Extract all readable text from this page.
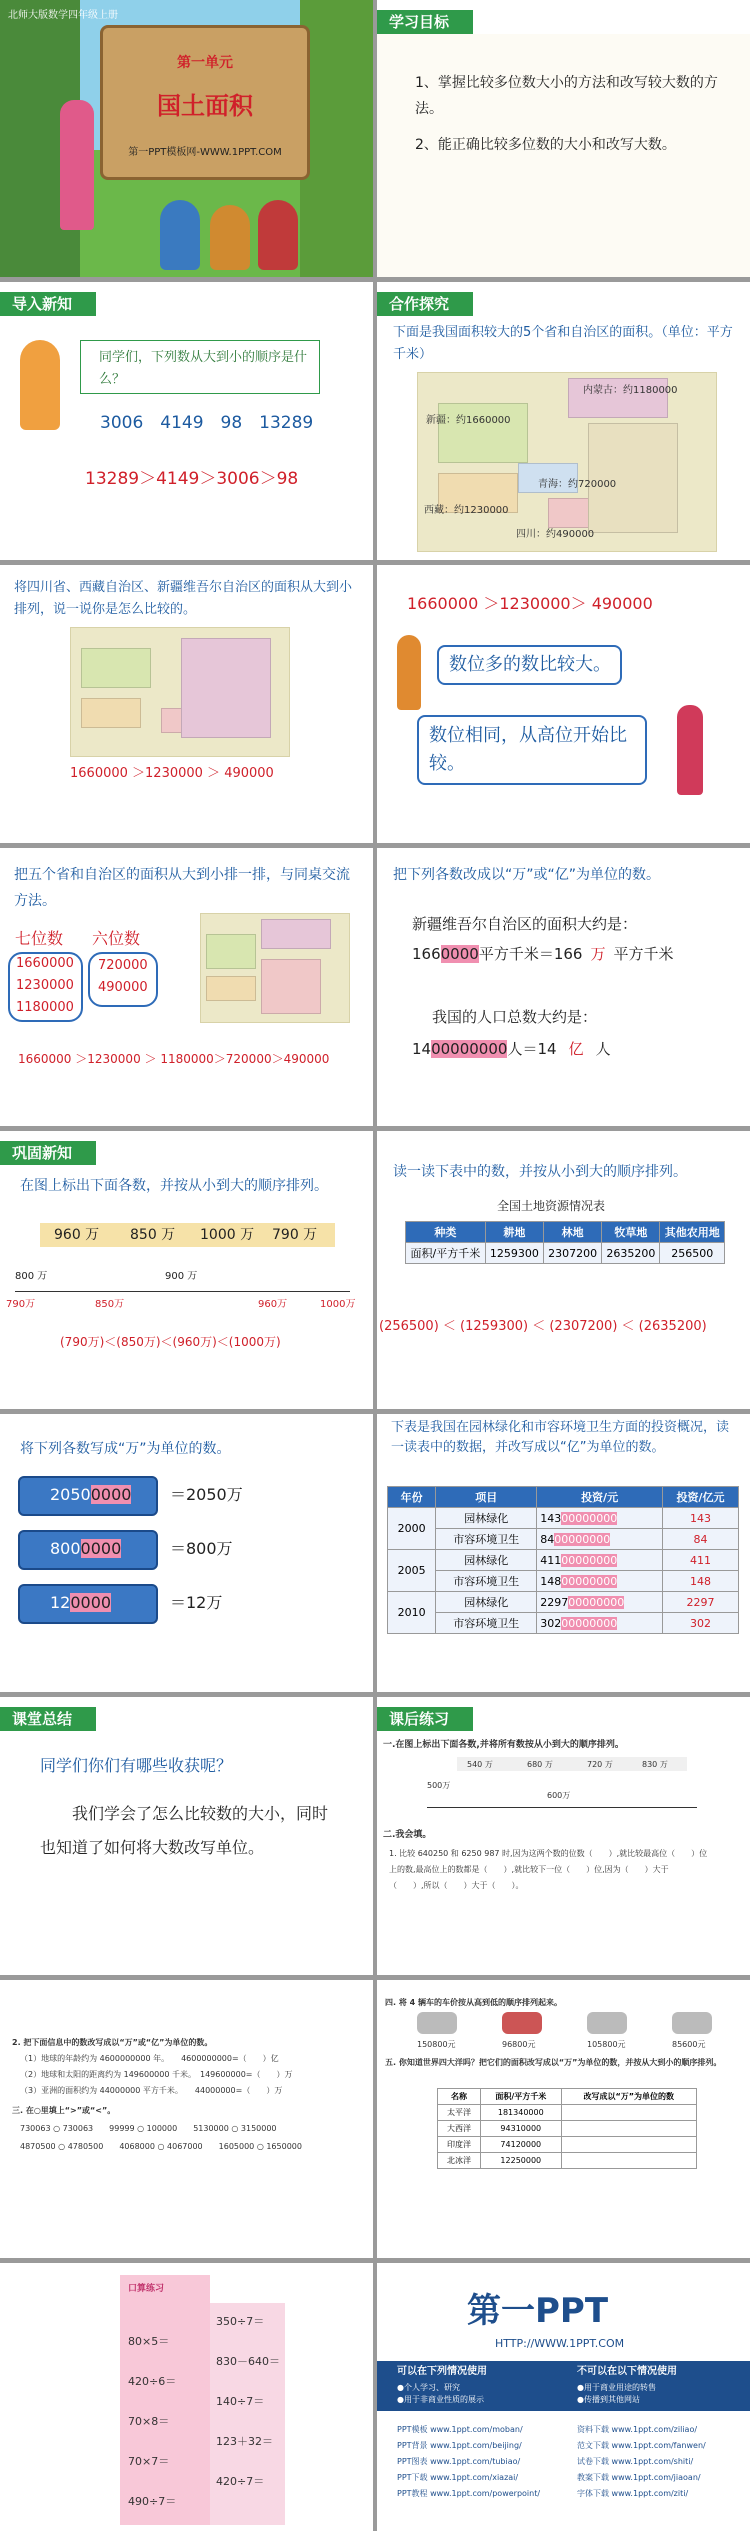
北师大版数学四年级上册
第一单元
国土面积
第一PPT模板网-WWW.1PPT.COM
学习目标
1、掌握比较多位数大小的方法和改写较大数的方法。
2、能正确比较多位数的大小和改写大数。
导入新知
同学们，下列数从大到小的顺序是什么？
3006　4149　98　13289
13289＞4149＞3006＞98
合作探究
下面是我国面积较大的5个省和自治区的面积。（单位：平方千米）
内蒙古：约1180000
新疆：约1660000
青海：约720000
西藏：约1230000
四川：约490000
将四川省、西藏自治区、新疆维吾尔自治区的面积从大到小排列，说一说你是怎么比较的。
1660000 ＞1230000 ＞ 490000
1660000 ＞1230000＞ 490000
数位多的数比较大。
数位相同，从高位开始比较。
把五个省和自治区的面积从大到小排一排，与同桌交流方法。
七位数 六位数
1660000
1230000
1180000
720000
490000
1660000 ＞1230000 ＞ 1180000＞720000＞490000
把下列各数改成以“万”或“亿”为单位的数。
新疆维吾尔自治区的面积大约是：
1660000平方千米＝166 万 平方千米
我国的人口总数大约是：
1400000000人＝14 亿 人
巩固新知
在图上标出下面各数，并按从小到大的顺序排列。
960 万 850 万 1000 万 790 万
800 万	900 万
790万	850万	960万	1000万
(790万)＜(850万)＜(960万)＜(1000万)
读一读下表中的数，并按从小到大的顺序排列。
全国土地资源情况表
种类	耕地	林地	牧草地	其他农用地
面积/平方千米	1259300	2307200	2635200	256500
(256500) ＜ (1259300) ＜ (2307200) ＜ (2635200)
将下列各数写成“万”为单位的数。
20500000	＝2050万
8000000	＝800万
120000	＝12万
下表是我国在园林绿化和市容环境卫生方面的投资概况，读一读表中的数据，并改写成以“亿”为单位的数。
年份	项目	投资/元	投资/亿元
2000	园林绿化	14300000000	143
	市容环境卫生	8400000000	84
2005	园林绿化	41100000000	411
	市容环境卫生	14800000000	148
2010	园林绿化	229700000000	2297
	市容环境卫生	30200000000	302
课堂总结
同学们你们有哪些收获呢？
我们学会了怎么比较数的大小，同时也知道了如何将大数改写单位。
课后练习
一.在图上标出下面各数,并将所有数按从小到大的顺序排列。
540 万	680 万	720 万	830 万
500万
600万
二.我会填。
1. 比较 640250 和 6250 987 时,因为这两个数的位数（　　）,就比较最高位（　　）位
上的数,最高位上的数都是（　　）,就比较下一位（　　）位,因为（　　）大于
（　　）,所以（　　）大于（　　）。
2. 把下面信息中的数改写成以“万”或“亿”为单位的数。
（1）地球的年龄约为 4600000000 年。　　4600000000=（　　）亿
（2）地球和太阳的距离约为 149600000 千米。　149600000=（　　）万
（3）亚洲的面积约为 44000000 平方千米。　　44000000=（　　）万
三. 在○里填上“>”或“<”。
730063 ○ 730063　　99999 ○ 100000　　5130000 ○ 3150000
4870500 ○ 4780500　　4068000 ○ 4067000　　1605000 ○ 1650000
四. 将 4 辆车的车价按从高到低的顺序排列起来。
150800元	96800元	105800元	85600元
五. 你知道世界四大洋吗？把它们的面积改写成以“万”为单位的数，并按从大到小的顺序排列。
名称	面积/平方千米	改写成以“万”为单位的数
太平洋	181340000	
大西洋	94310000	
印度洋	74120000	
北冰洋	12250000	
口算练习
80×5＝
420÷6＝
70×8＝
70×7＝
490÷7＝
350÷7＝
830－640＝
140÷7＝
123＋32＝
420÷7＝
第一PPT
HTTP://WWW.1PPT.COM
可以在下列情况使用
●个人学习、研究
●用于非商业性质的展示
不可以在以下情况使用
●用于商业用途的转售
●传播到其他网站
PPT模板 www.1ppt.com/moban/
PPT背景 www.1ppt.com/beijing/
PPT图表 www.1ppt.com/tubiao/
PPT下载 www.1ppt.com/xiazai/
PPT教程 www.1ppt.com/powerpoint/
资料下载 www.1ppt.com/ziliao/
范文下载 www.1ppt.com/fanwen/
试卷下载 www.1ppt.com/shiti/
教案下载 www.1ppt.com/jiaoan/
字体下载 www.1ppt.com/ziti/
